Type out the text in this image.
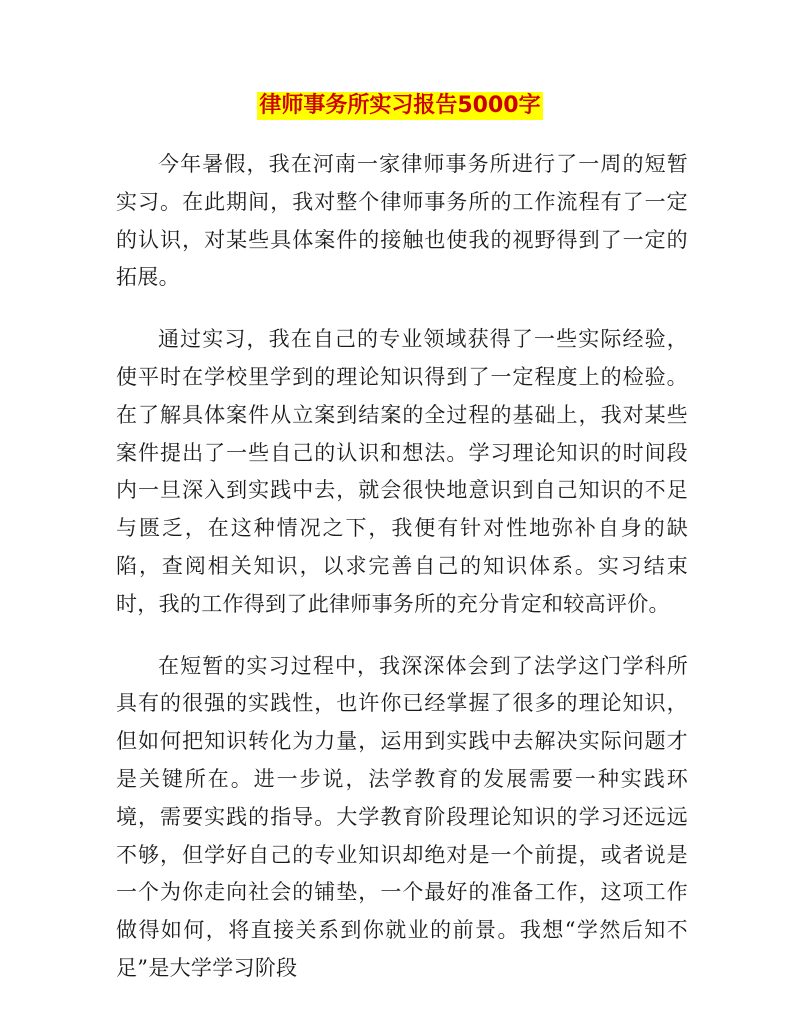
律师事务所实习报告5000字

今年暑假，我在河南一家律师事务所进行了一周的短暂实习。在此期间，我对整个律师事务所的工作流程有了一定的认识，对某些具体案件的接触也使我的视野得到了一定的拓展。

通过实习，我在自己的专业领域获得了一些实际经验，使平时在学校里学到的理论知识得到了一定程度上的检验。在了解具体案件从立案到结案的全过程的基础上，我对某些案件提出了一些自己的认识和想法。学习理论知识的时间段内一旦深入到实践中去，就会很快地意识到自己知识的不足与匮乏，在这种情况之下，我便有针对性地弥补自身的缺陷，查阅相关知识，以求完善自己的知识体系。实习结束时，我的工作得到了此律师事务所的充分肯定和较高评价。

在短暂的实习过程中，我深深体会到了法学这门学科所具有的很强的实践性，也许你已经掌握了很多的理论知识，但如何把知识转化为力量，运用到实践中去解决实际问题才是关键所在。进一步说，法学教育的发展需要一种实践环境，需要实践的指导。大学教育阶段理论知识的学习还远远不够，但学好自己的专业知识却绝对是一个前提，或者说是一个为你走向社会的铺垫，一个最好的准备工作，这项工作做得如何，将直接关系到你就业的前景。我想“学然后知不足”是大学学习阶段
